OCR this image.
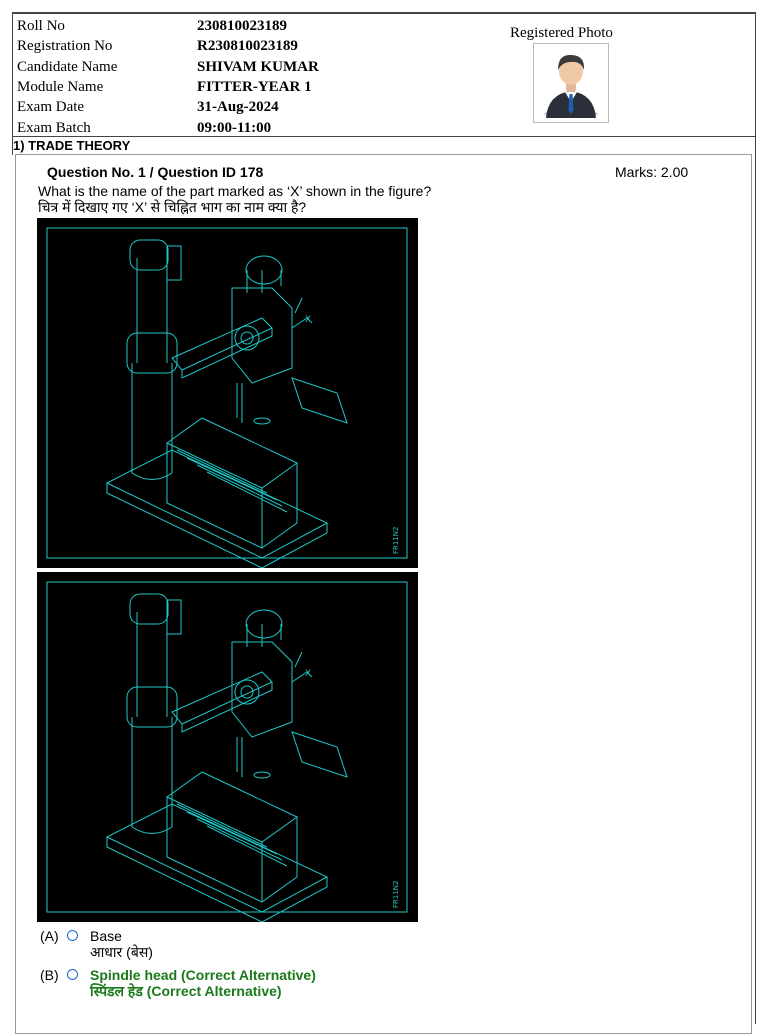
Roll No	230810023189
Registration No	R230810023189
Candidate Name	SHIVAM KUMAR
Module Name	FITTER-YEAR 1
Exam Date	31-Aug-2024
Exam Batch	09:00-11:00
Registered Photo
1) TRADE THEORY
Question No. 1 / Question ID 178	Marks: 2.00
What is the name of the part marked as ‘X’ shown in the figure?
चित्र में दिखाए गए ‘X’ से चिह्नित भाग का नाम क्या है?
X
FR11N2
X
FR11N2
(A) Base
आधार (बेस)
(B) Spindle head (Correct Alternative)
स्पिंडल हेड (Correct Alternative)
